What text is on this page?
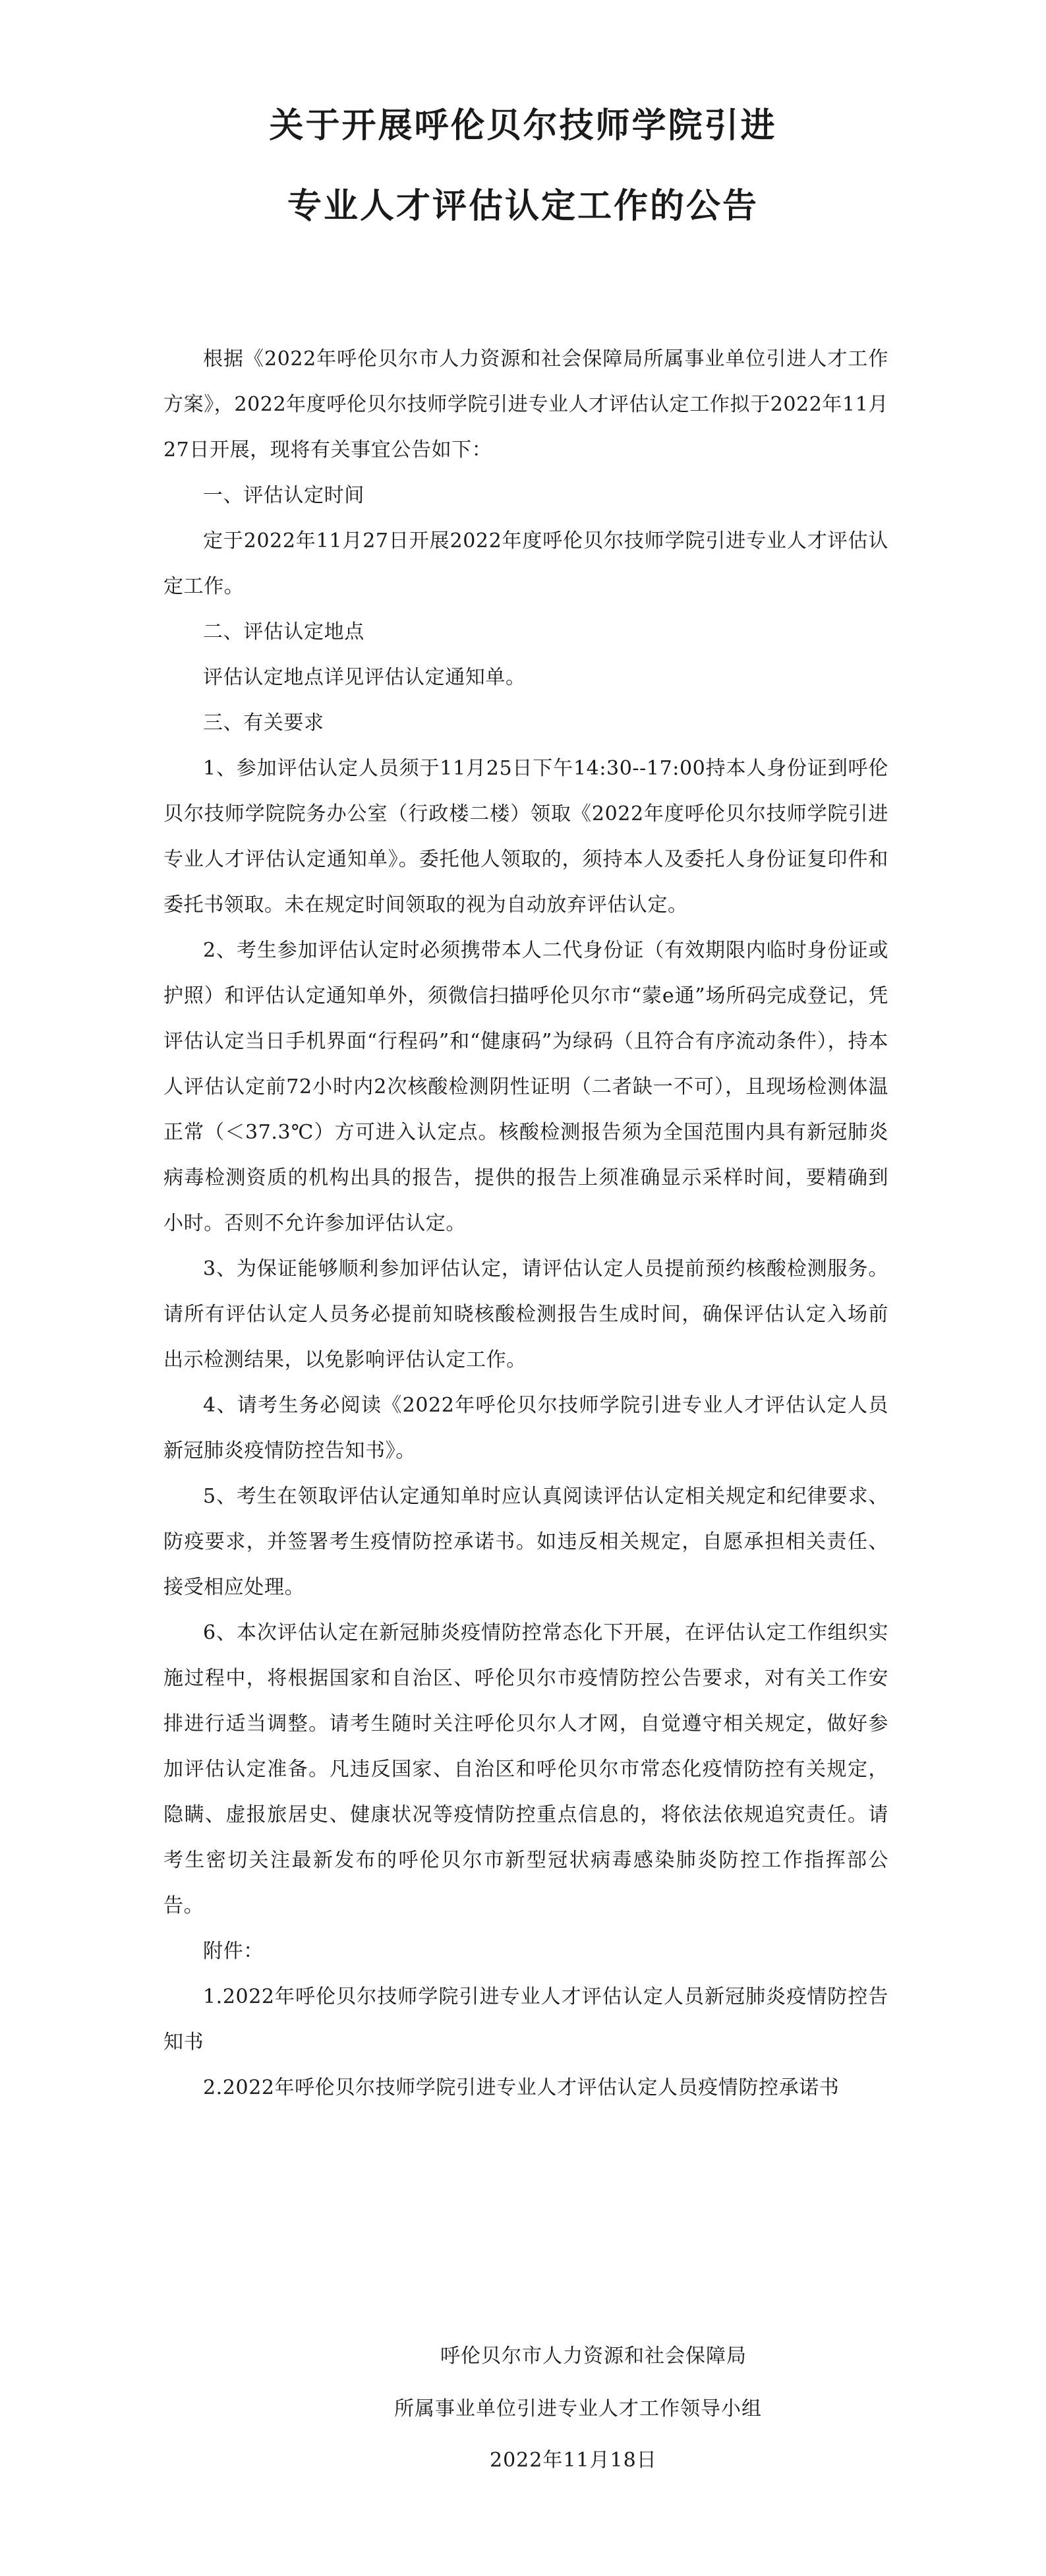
关于开展呼伦贝尔技师学院引进
专业人才评估认定工作的公告

根据《2022年呼伦贝尔市人力资源和社会保障局所属事业单位引进人才工作方案》，2022年度呼伦贝尔技师学院引进专业人才评估认定工作拟于2022年11月27日开展，现将有关事宜公告如下：

一、评估认定时间

定于2022年11月27日开展2022年度呼伦贝尔技师学院引进专业人才评估认定工作。

二、评估认定地点

评估认定地点详见评估认定通知单。

三、有关要求

1、参加评估认定人员须于11月25日下午14:30--17:00持本人身份证到呼伦贝尔技师学院院务办公室（行政楼二楼）领取《2022年度呼伦贝尔技师学院引进专业人才评估认定通知单》。委托他人领取的，须持本人及委托人身份证复印件和委托书领取。未在规定时间领取的视为自动放弃评估认定。

2、考生参加评估认定时必须携带本人二代身份证（有效期限内临时身份证或护照）和评估认定通知单外，须微信扫描呼伦贝尔市“蒙e通”场所码完成登记，凭评估认定当日手机界面“行程码”和“健康码”为绿码（且符合有序流动条件），持本人评估认定前72小时内2次核酸检测阴性证明（二者缺一不可），且现场检测体温正常（＜37.3℃）方可进入认定点。核酸检测报告须为全国范围内具有新冠肺炎病毒检测资质的机构出具的报告，提供的报告上须准确显示采样时间，要精确到小时。否则不允许参加评估认定。

3、为保证能够顺利参加评估认定，请评估认定人员提前预约核酸检测服务。请所有评估认定人员务必提前知晓核酸检测报告生成时间，确保评估认定入场前出示检测结果，以免影响评估认定工作。

4、请考生务必阅读《2022年呼伦贝尔技师学院引进专业人才评估认定人员新冠肺炎疫情防控告知书》。

5、考生在领取评估认定通知单时应认真阅读评估认定相关规定和纪律要求、防疫要求，并签署考生疫情防控承诺书。如违反相关规定，自愿承担相关责任、接受相应处理。

6、本次评估认定在新冠肺炎疫情防控常态化下开展，在评估认定工作组织实施过程中，将根据国家和自治区、呼伦贝尔市疫情防控公告要求，对有关工作安排进行适当调整。请考生随时关注呼伦贝尔人才网，自觉遵守相关规定，做好参加评估认定准备。凡违反国家、自治区和呼伦贝尔市常态化疫情防控有关规定，隐瞒、虚报旅居史、健康状况等疫情防控重点信息的，将依法依规追究责任。请考生密切关注最新发布的呼伦贝尔市新型冠状病毒感染肺炎防控工作指挥部公告。

附件：

1.2022年呼伦贝尔技师学院引进专业人才评估认定人员新冠肺炎疫情防控告知书

2.2022年呼伦贝尔技师学院引进专业人才评估认定人员疫情防控承诺书

呼伦贝尔市人力资源和社会保障局
所属事业单位引进专业人才工作领导小组
2022年11月18日
